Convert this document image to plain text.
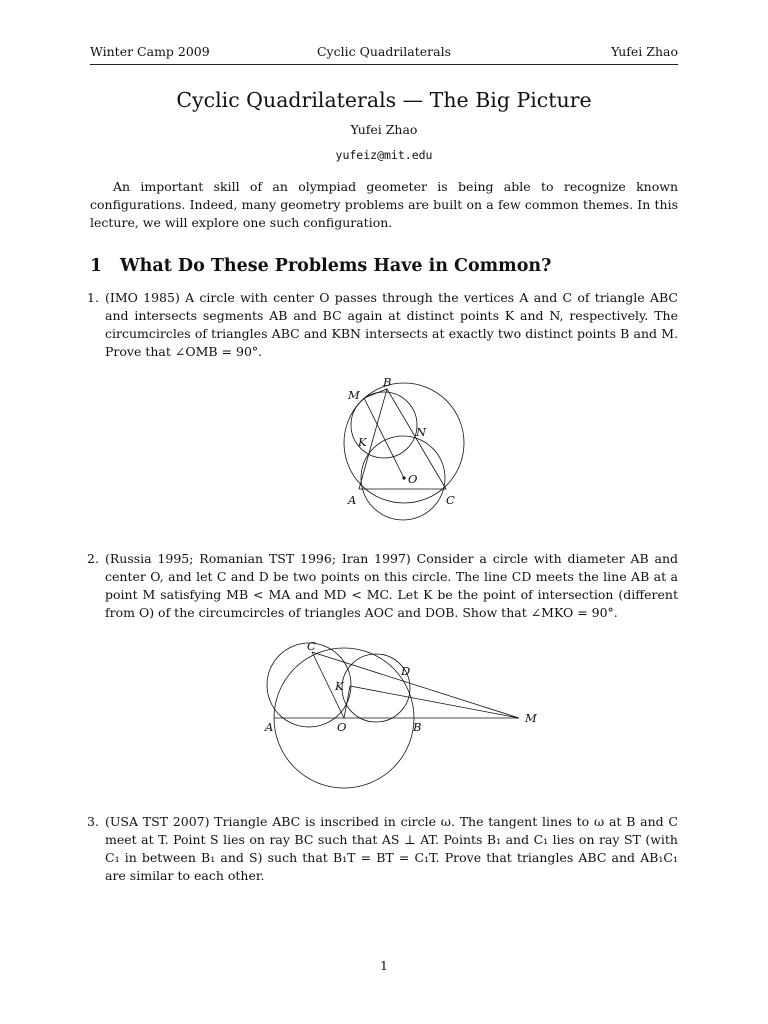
Winter Camp 2009	Cyclic Quadrilaterals	Yufei Zhao
Cyclic Quadrilaterals — The Big Picture
Yufei Zhao
yufeiz@mit.edu

An important skill of an olympiad geometer is being able to recognize known configurations. Indeed, many geometry problems are built on a few common themes. In this lecture, we will explore one such configuration.

1 What Do These Problems Have in Common?
1. (IMO 1985) A circle with center O passes through the vertices A and C of triangle ABC and intersects segments AB and BC again at distinct points K and N, respectively. The circumcircles of triangles ABC and KBN intersects at exactly two distinct points B and M. Prove that ∠OMB = 90°.
B
M
K
N
O
A	C
2. (Russia 1995; Romanian TST 1996; Iran 1997) Consider a circle with diameter AB and center O, and let C and D be two points on this circle. The line CD meets the line AB at a point M satisfying MB < MA and MD < MC. Let K be the point of intersection (different from O) of the circumcircles of triangles AOC and DOB. Show that ∠MKO = 90°.
C
D
K
A	O	B
M
3. (USA TST 2007) Triangle ABC is inscribed in circle ω. The tangent lines to ω at B and C meet at T. Point S lies on ray BC such that AS ⊥ AT. Points B₁ and C₁ lies on ray ST (with C₁ in between B₁ and S) such that B₁T = BT = C₁T. Prove that triangles ABC and AB₁C₁ are similar to each other.
1
